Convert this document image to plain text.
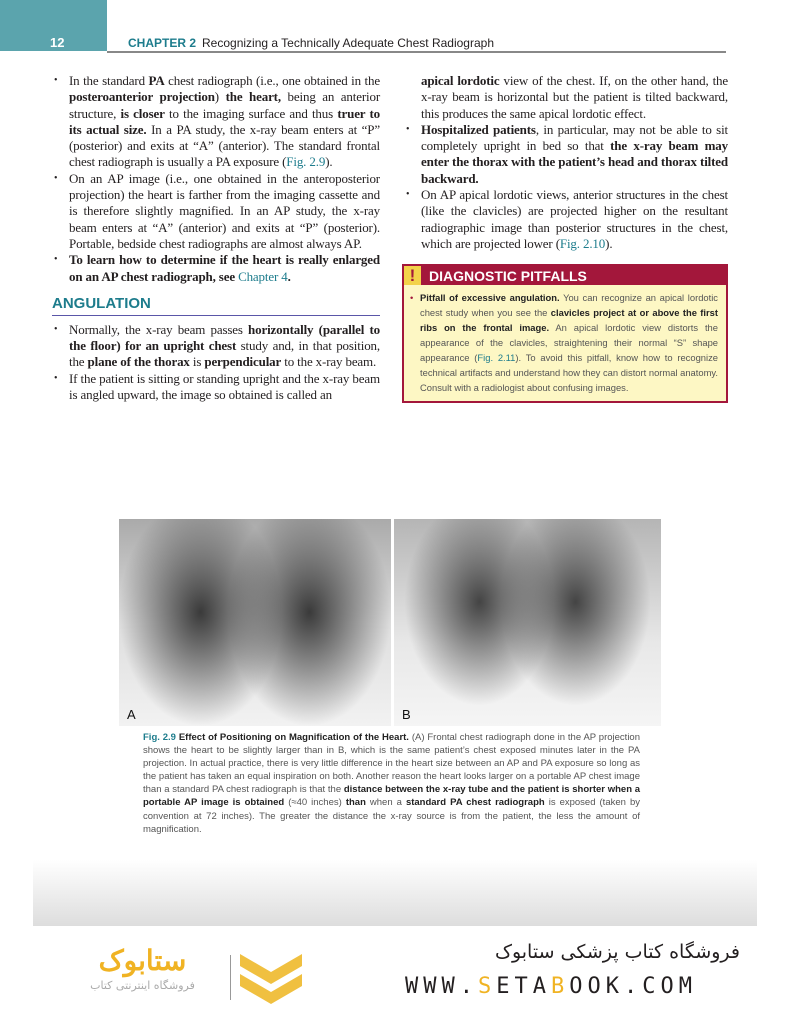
12	CHAPTER 2 Recognizing a Technically Adequate Chest Radiograph
• In the standard PA chest radiograph (i.e., one obtained in the posteroanterior projection) the heart, being an anterior structure, is closer to the imaging surface and thus truer to its actual size. In a PA study, the x-ray beam enters at “P” (posterior) and exits at “A” (anterior). The standard frontal chest radiograph is usually a PA exposure (Fig. 2.9).
• On an AP image (i.e., one obtained in the anteroposterior projection) the heart is farther from the imaging cassette and is therefore slightly magnified. In an AP study, the x-ray beam enters at “A” (anterior) and exits at “P” (posterior). Portable, bedside chest radiographs are almost always AP.
• To learn how to determine if the heart is really enlarged on an AP chest radiograph, see Chapter 4.
ANGULATION
• Normally, the x-ray beam passes horizontally (parallel to the floor) for an upright chest study and, in that position, the plane of the thorax is perpendicular to the x-ray beam.
• If the patient is sitting or standing upright and the x-ray beam is angled upward, the image so obtained is called an

apical lordotic view of the chest. If, on the other hand, the x-ray beam is horizontal but the patient is tilted backward, this produces the same apical lordotic effect.

• Hospitalized patients, in particular, may not be able to sit completely upright in bed so that the x-ray beam may enter the thorax with the patient’s head and thorax tilted backward.
• On AP apical lordotic views, anterior structures in the chest (like the clavicles) are projected higher on the resultant radiographic image than posterior structures in the chest, which are projected lower (Fig. 2.10).
! DIAGNOSTIC PITFALLS
• Pitfall of excessive angulation. You can recognize an apical lordotic chest study when you see the clavicles project at or above the first ribs on the frontal image. An apical lordotic view distorts the appearance of the clavicles, straightening their normal “S” shape appearance (Fig. 2.11). To avoid this pitfall, know how to recognize technical artifacts and understand how they can distort normal anatomy. Consult with a radiologist about confusing images.
A	B
Fig. 2.9 Effect of Positioning on Magnification of the Heart. (A) Frontal chest radiograph done in the AP projection shows the heart to be slightly larger than in B, which is the same patient’s chest exposed minutes later in the PA projection. In actual practice, there is very little difference in the heart size between an AP and PA exposure so long as the patient has taken an equal inspiration on both. Another reason the heart looks larger on a portable AP chest image than a standard PA chest radiograph is that the distance between the x-ray tube and the patient is shorter when a portable AP image is obtained (≈40 inches) than when a standard PA chest radiograph is exposed (taken by convention at 72 inches). The greater the distance the x-ray source is from the patient, the less the amount of magnification.
ستابوک
فروشگاه اینترنتی کتاب
فروشگاه کتاب پزشکی ستابوک
WWW.SETABOOK.COM
